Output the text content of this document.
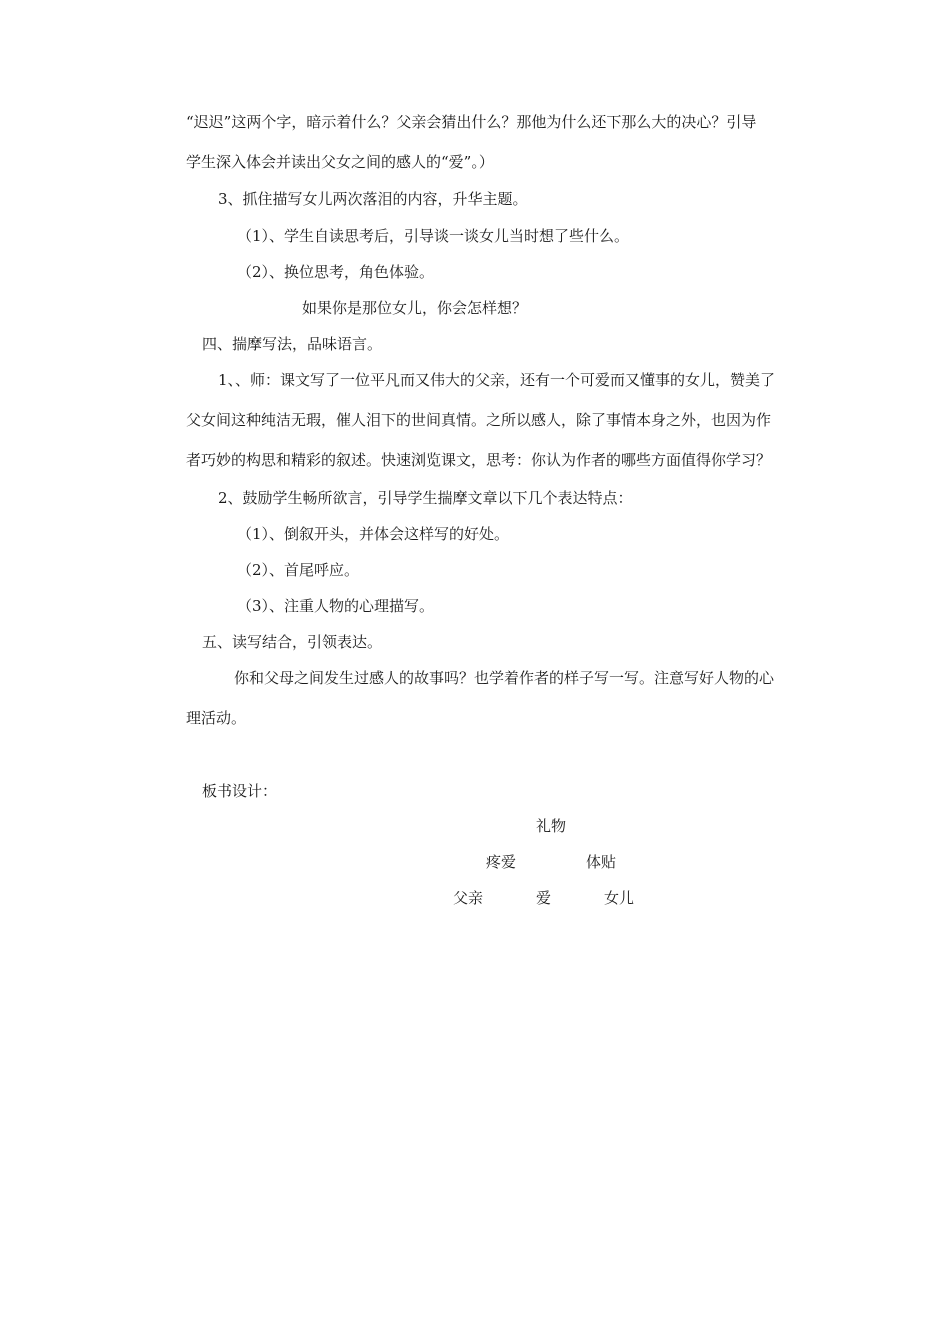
“迟迟”这两个字，暗示着什么？父亲会猜出什么？那他为什么还下那么大的决心？引导
学生深入体会并读出父女之间的感人的“爱”。）
3、抓住描写女儿两次落泪的内容，升华主题。
（1）、学生自读思考后，引导谈一谈女儿当时想了些什么。
（2）、换位思考，角色体验。
如果你是那位女儿，你会怎样想？
四、揣摩写法，品味语言。
1、、师：课文写了一位平凡而又伟大的父亲，还有一个可爱而又懂事的女儿，赞美了
父女间这种纯洁无瑕，催人泪下的世间真情。之所以感人，除了事情本身之外，也因为作
者巧妙的构思和精彩的叙述。快速浏览课文，思考：你认为作者的哪些方面值得你学习？
2、鼓励学生畅所欲言，引导学生揣摩文章以下几个表达特点：
（1）、倒叙开头，并体会这样写的好处。
（2）、首尾呼应。
（3）、注重人物的心理描写。
五、读写结合，引领表达。
你和父母之间发生过感人的故事吗？也学着作者的样子写一写。注意写好人物的心
理活动。
板书设计：
礼物
疼爱	体贴
父亲	爱	女儿
